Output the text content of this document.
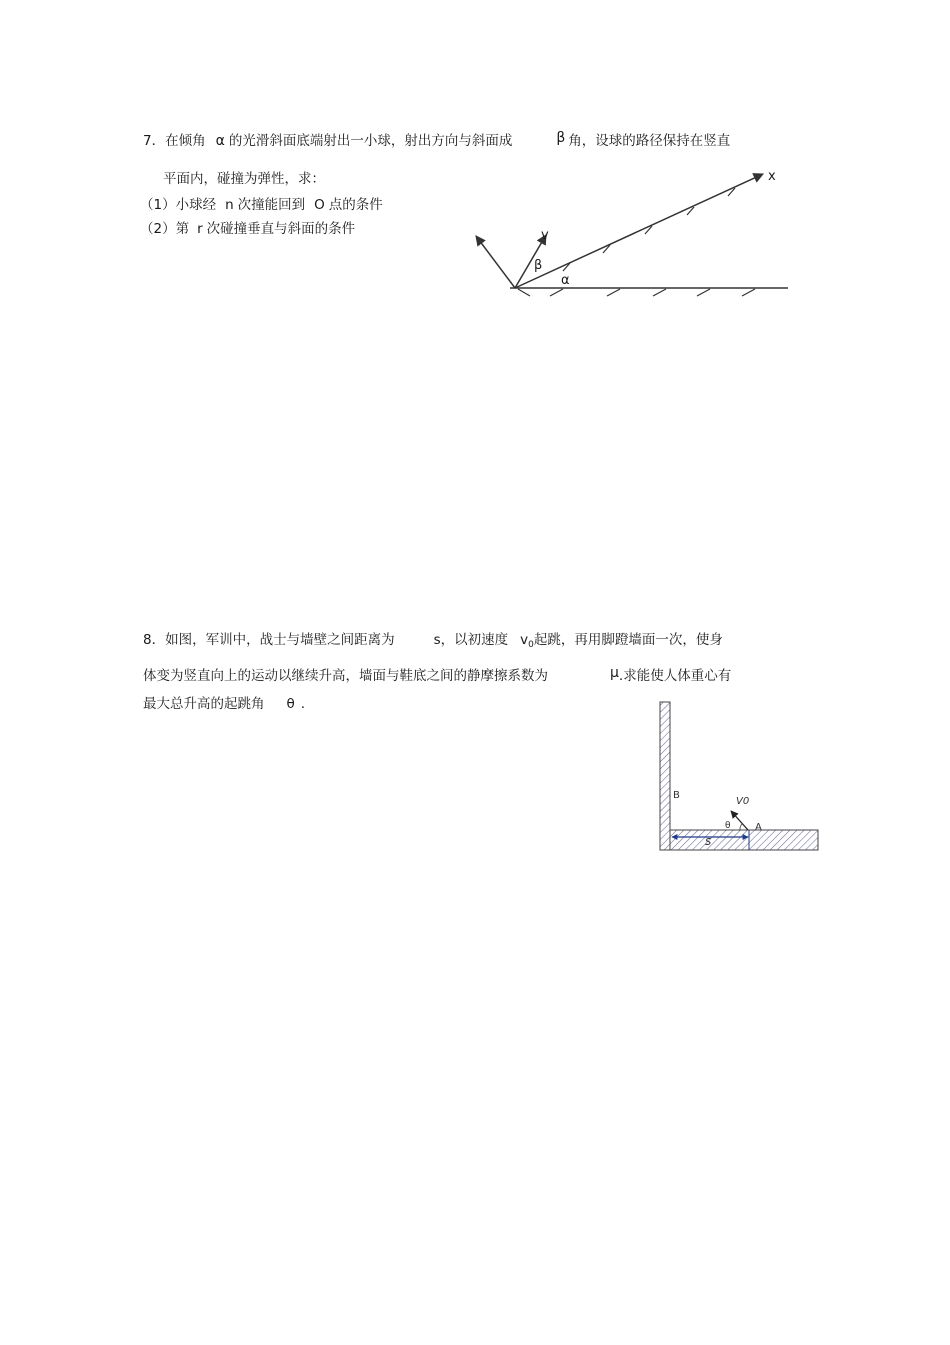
7．在倾角 α 的光滑斜面底端射出一小球，射出方向与斜面成	β 角，设球的路径保持在竖直
平面内，碰撞为弹性，求：
（1）小球经 n 次撞能回到 O 点的条件
（2）第 r 次碰撞垂直与斜面的条件
x
v
β
α
8．如图，军训中，战士与墙壁之间距离为	s，以初速度 $v_0$起跳，再用脚蹬墙面一次，使身
体变为竖直向上的运动以继续升高，墙面与鞋底之间的静摩擦系数为	μ.求能使人体重心有
最大总升高的起跳角 θ .
s
B
V0
θ A
